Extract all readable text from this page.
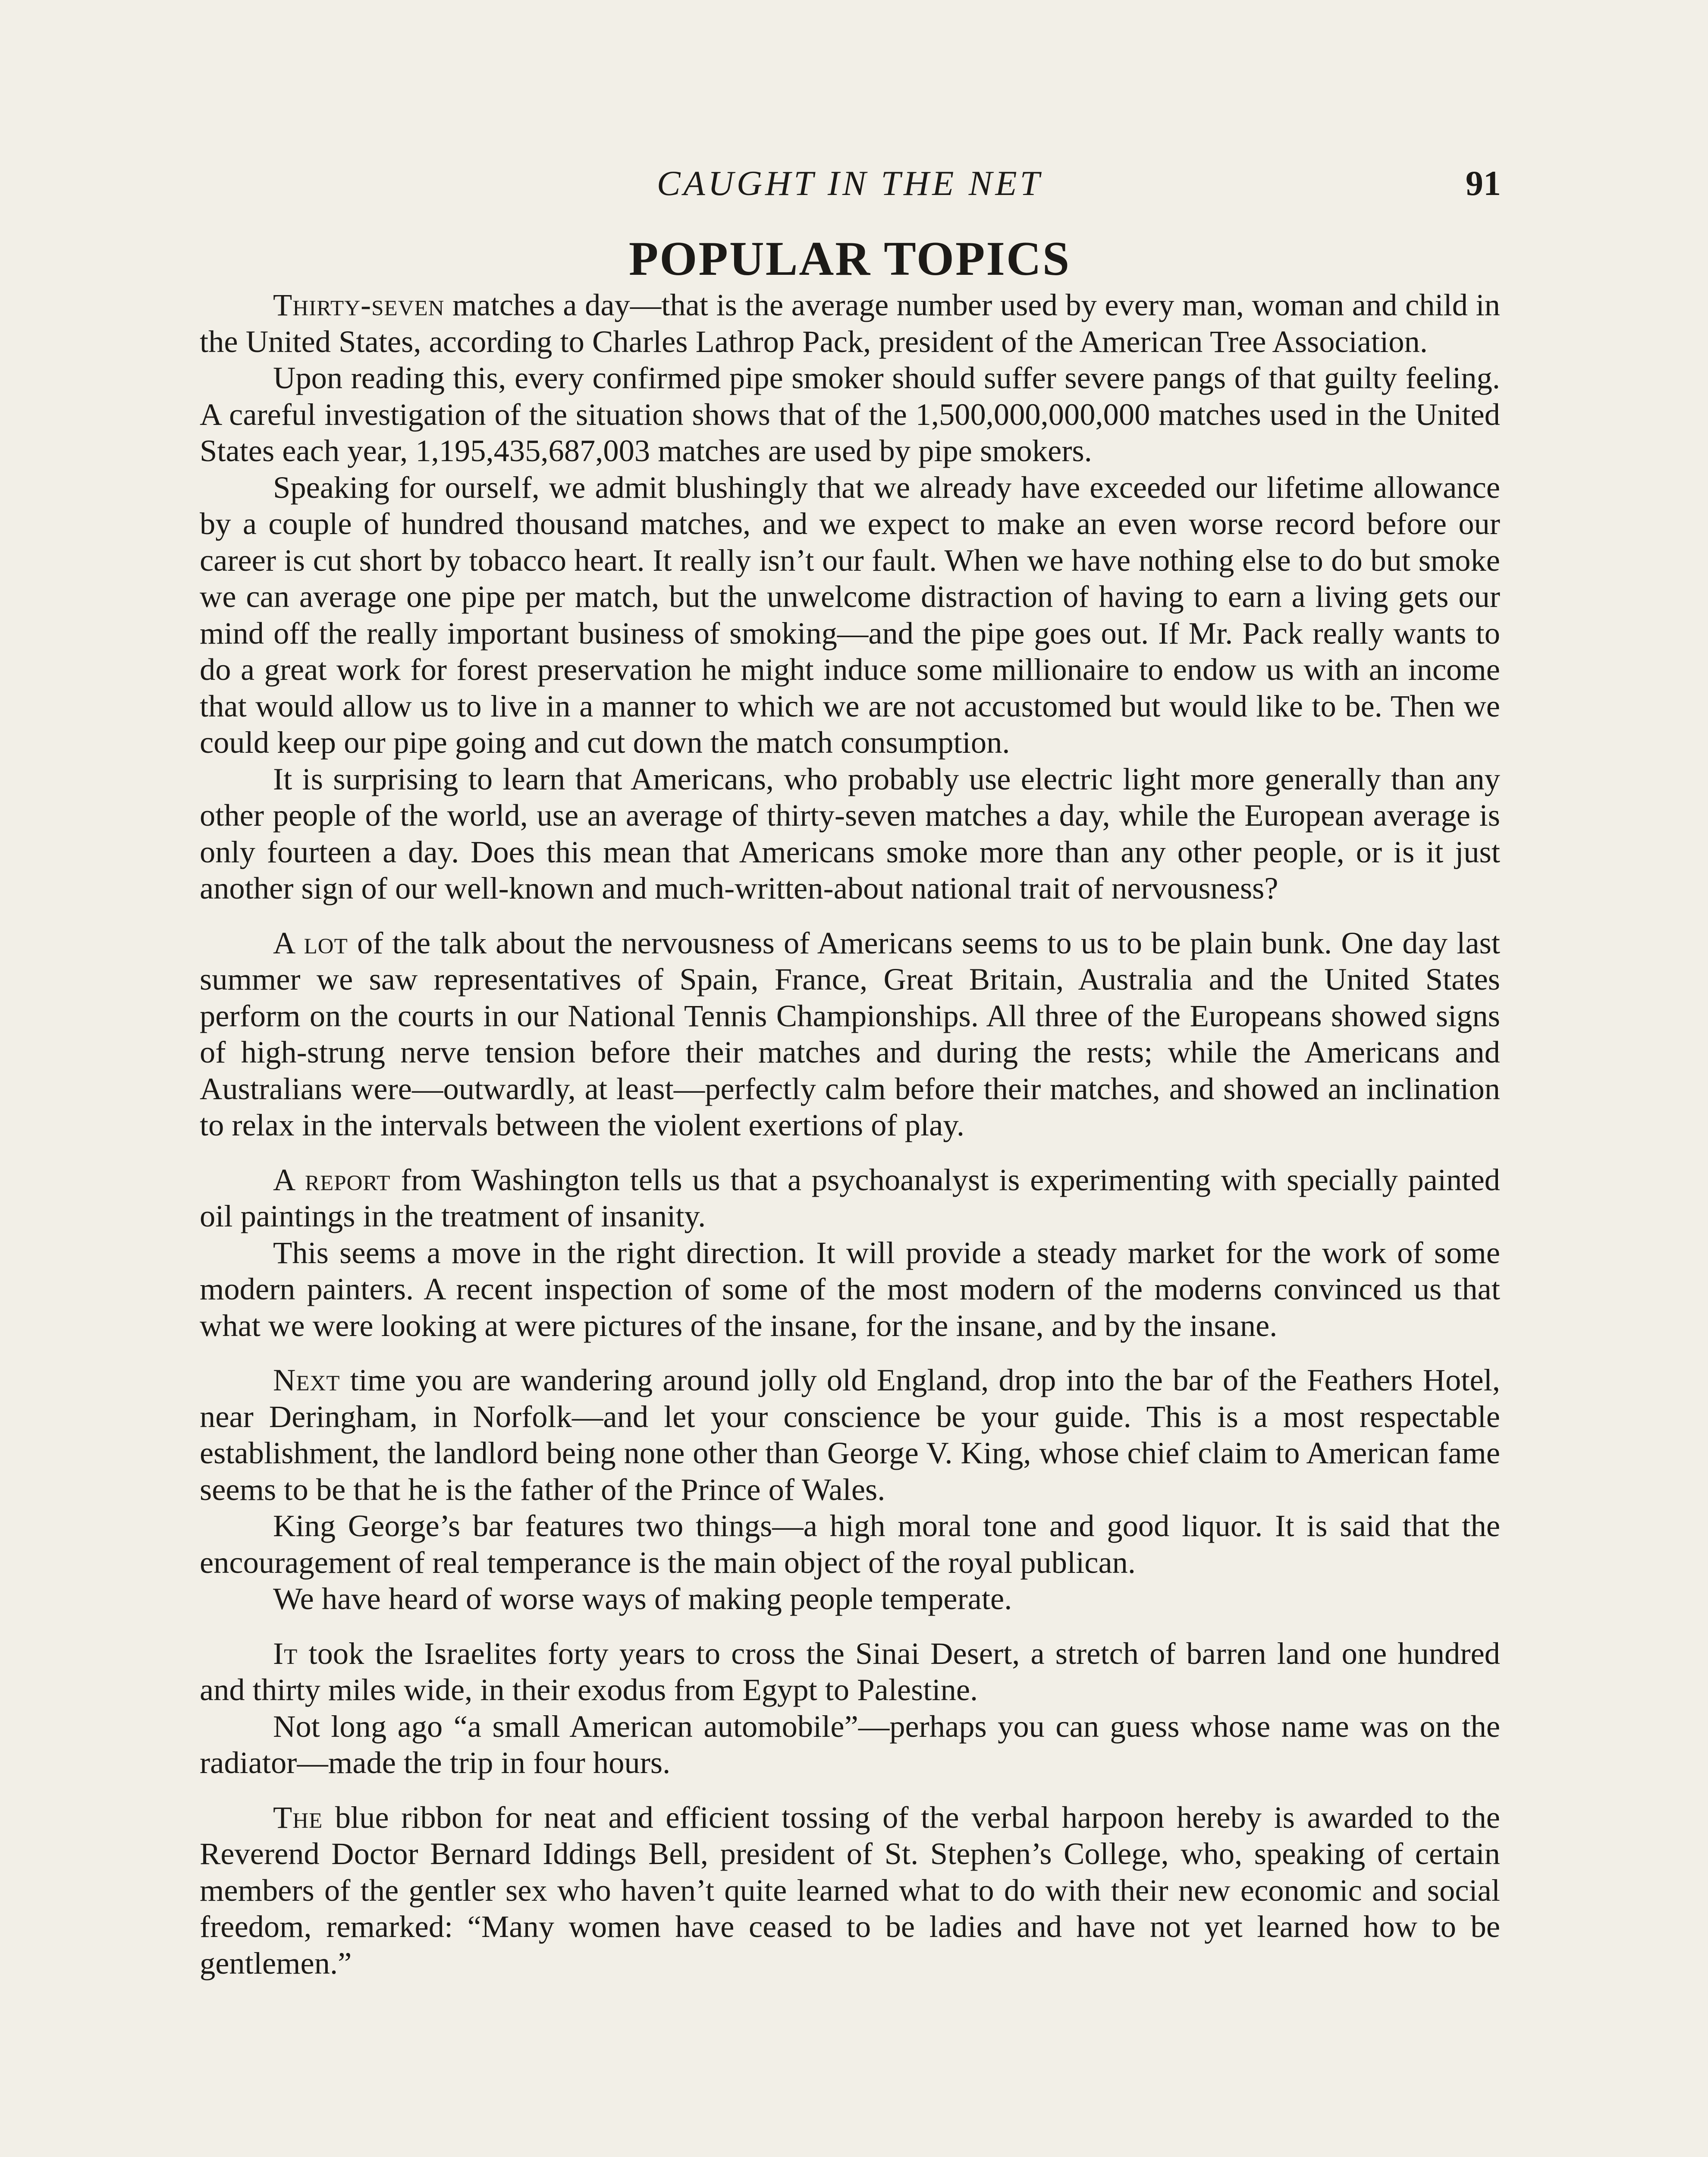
CAUGHT IN THE NET	91
POPULAR TOPICS

Thirty-seven matches a day—that is the average number used by every man, woman and child in the United States, according to Charles Lathrop Pack, president of the American Tree Association.

Upon reading this, every confirmed pipe smoker should suffer severe pangs of that guilty feeling. A careful investigation of the situation shows that of the 1,500,000,000,000 matches used in the United States each year, 1,195,435,687,003 matches are used by pipe smokers.

Speaking for ourself, we admit blushingly that we already have exceeded our lifetime allowance by a couple of hundred thousand matches, and we expect to make an even worse record before our career is cut short by tobacco heart. It really isn’t our fault. When we have nothing else to do but smoke we can average one pipe per match, but the unwelcome distraction of having to earn a living gets our mind off the really important business of smoking—and the pipe goes out. If Mr. Pack really wants to do a great work for forest preservation he might induce some millionaire to endow us with an income that would allow us to live in a manner to which we are not accustomed but would like to be. Then we could keep our pipe going and cut down the match consumption.

It is surprising to learn that Americans, who probably use electric light more generally than any other people of the world, use an average of thirty-seven matches a day, while the European average is only fourteen a day. Does this mean that Americans smoke more than any other people, or is it just another sign of our well-known and much-written-about national trait of nervousness?

A lot of the talk about the nervousness of Americans seems to us to be plain bunk. One day last summer we saw representatives of Spain, France, Great Britain, Australia and the United States perform on the courts in our National Tennis Championships. All three of the Europeans showed signs of high-strung nerve tension before their matches and during the rests; while the Americans and Australians were—outwardly, at least—perfectly calm before their matches, and showed an inclination to relax in the intervals between the violent exertions of play.

A report from Washington tells us that a psychoanalyst is experimenting with specially painted oil paintings in the treatment of insanity.

This seems a move in the right direction. It will provide a steady market for the work of some modern painters. A recent inspection of some of the most modern of the moderns convinced us that what we were looking at were pictures of the insane, for the insane, and by the insane.

Next time you are wandering around jolly old England, drop into the bar of the Feathers Hotel, near Deringham, in Norfolk—and let your conscience be your guide. This is a most respectable establishment, the landlord being none other than George V. King, whose chief claim to American fame seems to be that he is the father of the Prince of Wales.

King George’s bar features two things—a high moral tone and good liquor. It is said that the encouragement of real temperance is the main object of the royal publican.

We have heard of worse ways of making people temperate.

It took the Israelites forty years to cross the Sinai Desert, a stretch of barren land one hundred and thirty miles wide, in their exodus from Egypt to Palestine.

Not long ago “a small American automobile”—perhaps you can guess whose name was on the radiator—made the trip in four hours.

The blue ribbon for neat and efficient tossing of the verbal harpoon hereby is awarded to the Reverend Doctor Bernard Iddings Bell, president of St. Stephen’s College, who, speaking of certain members of the gentler sex who haven’t quite learned what to do with their new economic and social freedom, remarked: “Many women have ceased to be ladies and have not yet learned how to be gentlemen.”
